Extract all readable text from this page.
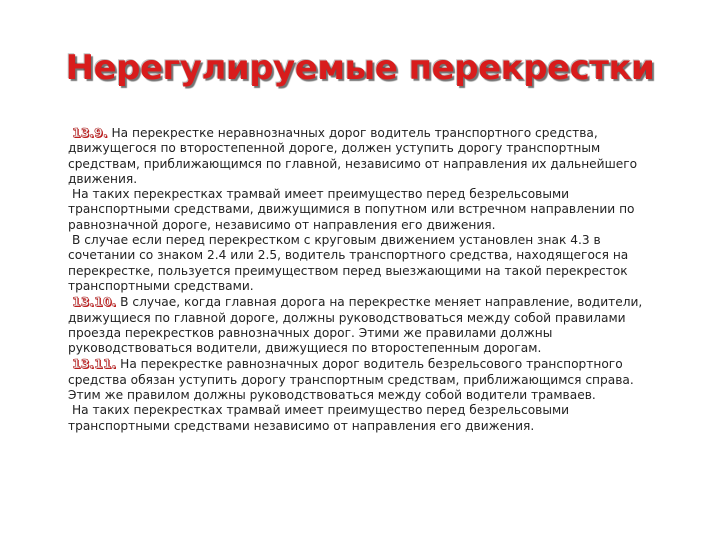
Нерегулируемые перекрестки

13.9. На перекрестке неравнозначных дорог водитель транспортного средства, движущегося по второстепенной дороге, должен уступить дорогу транспортным средствам, приближающимся по главной, независимо от направления их дальнейшего движения.

На таких перекрестках трамвай имеет преимущество перед безрельсовыми транспортными средствами, движущимися в попутном или встречном направлении по равнозначной дороге, независимо от направления его движения.

В случае если перед перекрестком с круговым движением установлен знак 4.3 в сочетании со знаком 2.4 или 2.5, водитель транспортного средства, находящегося на перекрестке, пользуется преимуществом перед выезжающими на такой перекресток транспортными средствами.

13.10. В случае, когда главная дорога на перекрестке меняет направление, водители, движущиеся по главной дороге, должны руководствоваться между собой правилами проезда перекрестков равнозначных дорог. Этими же правилами должны руководствоваться водители, движущиеся по второстепенным дорогам.

13.11. На перекрестке равнозначных дорог водитель безрельсового транспортного средства обязан уступить дорогу транспортным средствам, приближающимся справа. Этим же правилом должны руководствоваться между собой водители трамваев.

На таких перекрестках трамвай имеет преимущество перед безрельсовыми транспортными средствами независимо от направления его движения.
